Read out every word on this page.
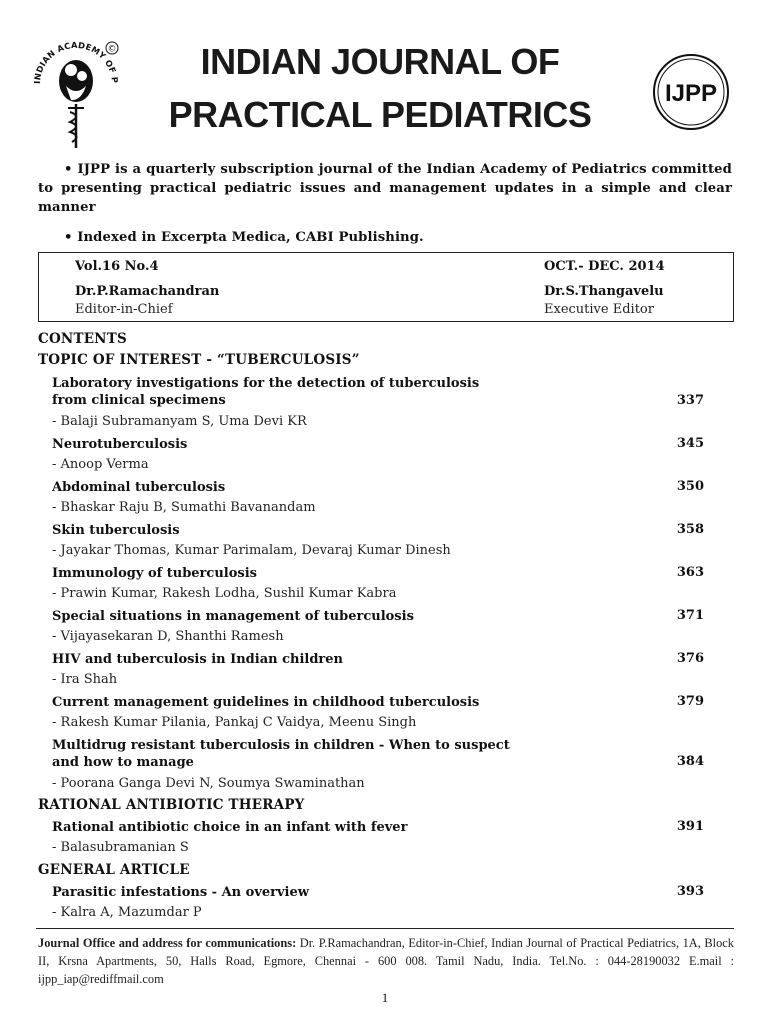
INDIAN ACADEMY OF P
©	INDIAN JOURNAL OF
PRACTICAL PEDIATRICS
IJPP
• IJPP is a quarterly subscription journal of the Indian Academy of Pediatrics committed to presenting practical pediatric issues and management updates in a simple and clear manner
• Indexed in Excerpta Medica, CABI Publishing.
Vol.16 No.4	OCT.- DEC. 2014
Dr.P.Ramachandran
Editor-in-Chief
Dr.S.Thangavelu
Executive Editor
CONTENTS
TOPIC OF INTEREST - “TUBERCULOSIS”
Laboratory investigations for the detection of tuberculosis from clinical specimens	337
- Balaji Subramanyam S, Uma Devi KR
Neurotuberculosis	345
- Anoop Verma
Abdominal tuberculosis	350
- Bhaskar Raju B, Sumathi Bavanandam
Skin tuberculosis	358
- Jayakar Thomas, Kumar Parimalam, Devaraj Kumar Dinesh
Immunology of tuberculosis	363
- Prawin Kumar, Rakesh Lodha, Sushil Kumar Kabra
Special situations in management of tuberculosis	371
- Vijayasekaran D, Shanthi Ramesh
HIV and tuberculosis in Indian children	376
- Ira Shah
Current management guidelines in childhood tuberculosis	379
- Rakesh Kumar Pilania, Pankaj C Vaidya, Meenu Singh
Multidrug resistant tuberculosis in children - When to suspect and how to manage	384
- Poorana Ganga Devi N, Soumya Swaminathan
RATIONAL ANTIBIOTIC THERAPY
Rational antibiotic choice in an infant with fever	391
- Balasubramanian S
GENERAL ARTICLE
Parasitic infestations - An overview	393
- Kalra A, Mazumdar P
Journal Office and address for communications: Dr. P.Ramachandran, Editor-in-Chief, Indian Journal of Practical Pediatrics, 1A, Block II, Krsna Apartments, 50, Halls Road, Egmore, Chennai - 600 008. Tamil Nadu, India. Tel.No. : 044-28190032 E.mail : ijpp_iap@rediffmail.com
1
